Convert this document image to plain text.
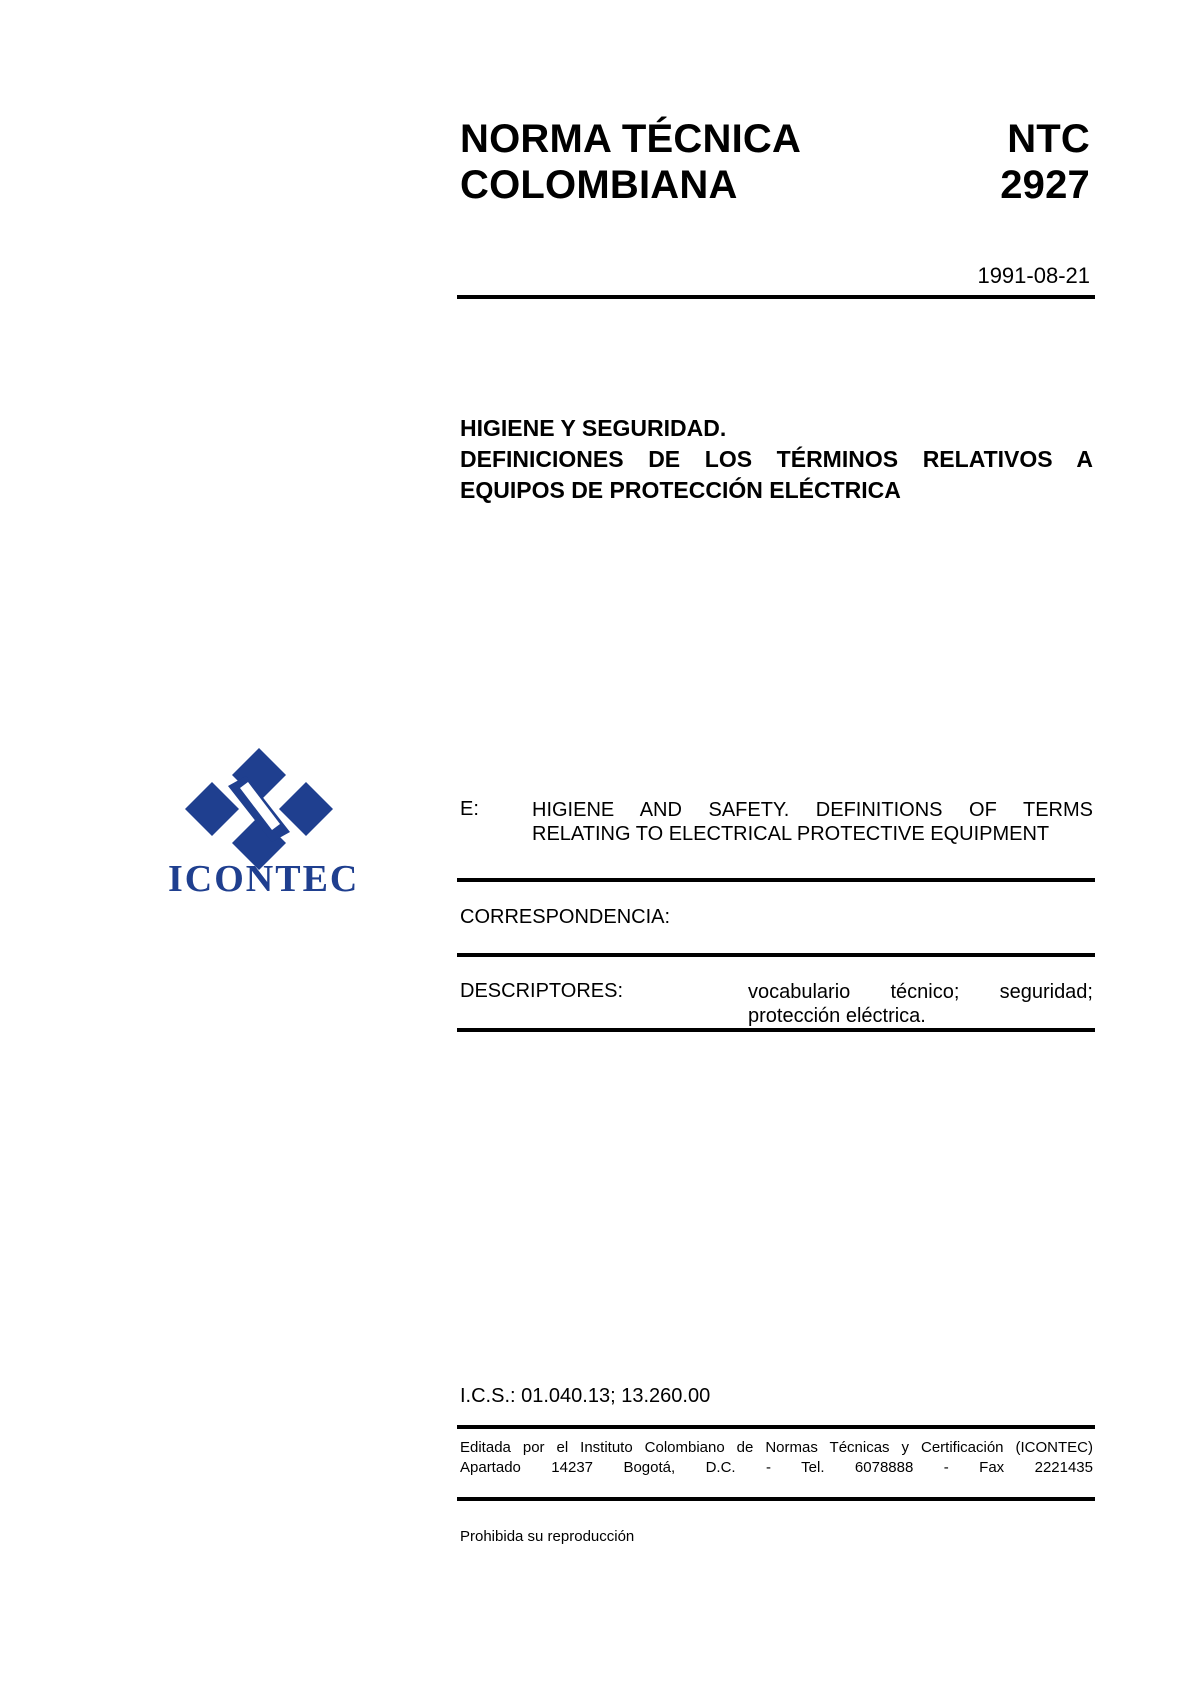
NORMA TÉCNICA
COLOMBIANA
NTC
2927
1991-08-21
HIGIENE Y SEGURIDAD.
DEFINICIONES DE LOS TÉRMINOS RELATIVOS A
EQUIPOS DE PROTECCIÓN ELÉCTRICA
ICONTEC
E:	HIGIENE AND SAFETY. DEFINITIONS OF TERMS
RELATING TO ELECTRICAL PROTECTIVE EQUIPMENT
CORRESPONDENCIA:
DESCRIPTORES:	vocabulario técnico; seguridad;
protección eléctrica.
I.C.S.: 01.040.13; 13.260.00
Editada por el Instituto Colombiano de Normas Técnicas y Certificación (ICONTEC)
Apartado 14237 Bogotá, D.C. - Tel. 6078888 - Fax 2221435
Prohibida su reproducción
